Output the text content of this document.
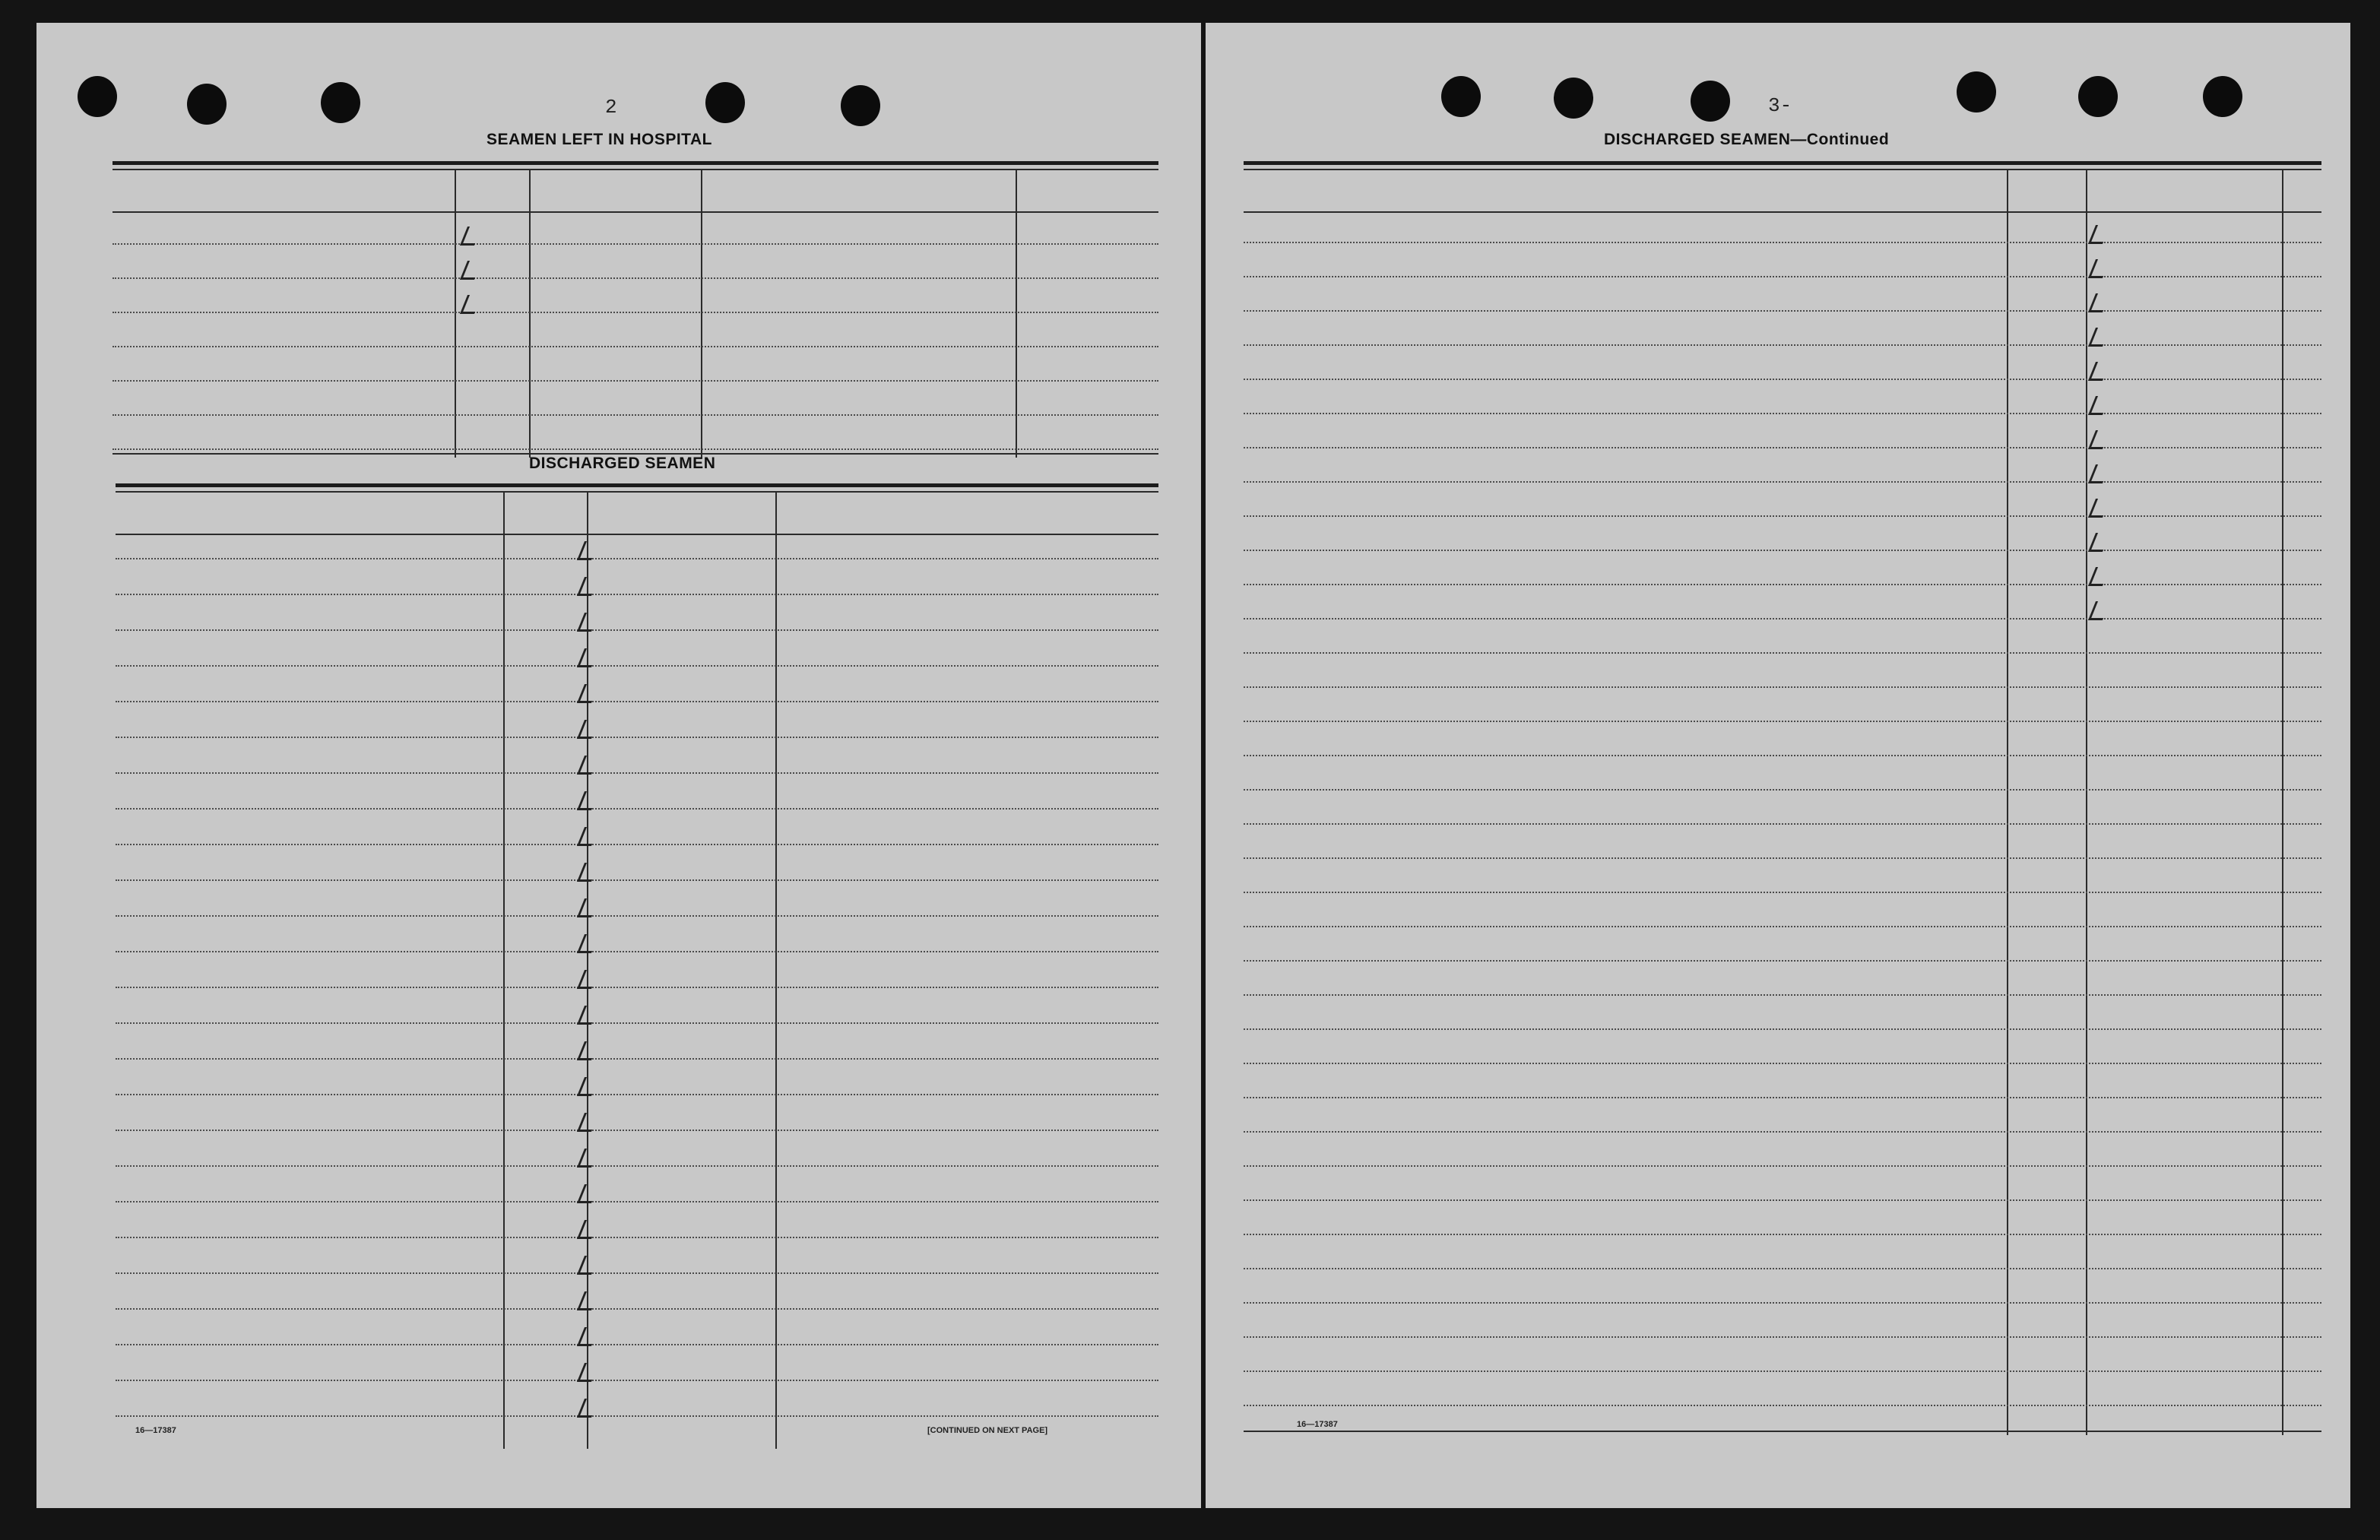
2
SEAMEN LEFT IN HOSPITAL
DISCHARGED SEAMEN
16—17387	[CONTINUED ON NEXT PAGE]
3-
DISCHARGED SEAMEN—Continued
16—17387
